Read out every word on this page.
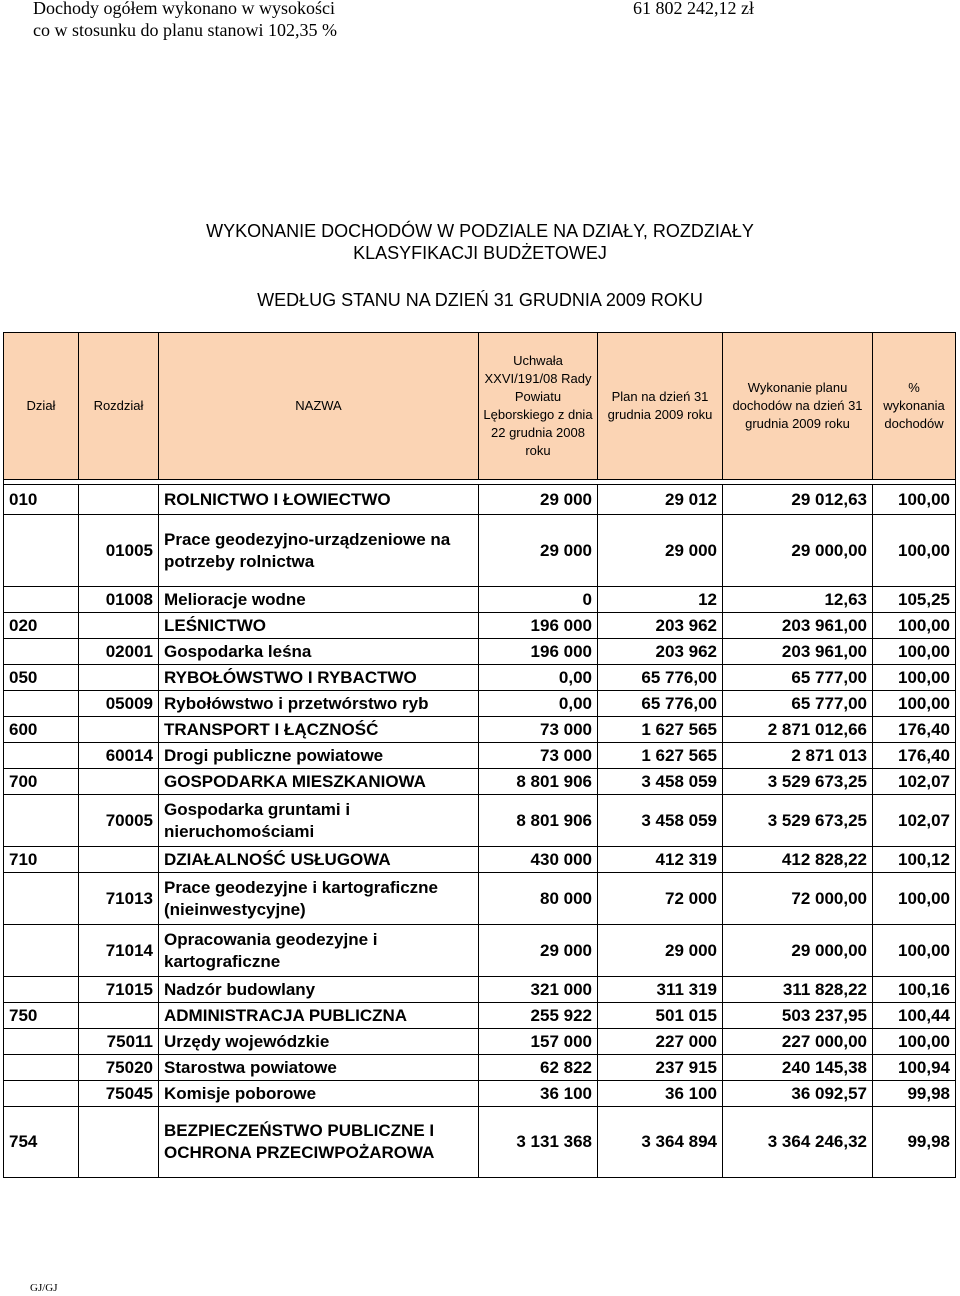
Dochody ogółem wykonano w wysokości
co w stosunku do planu stanowi 102,35 %
61 802 242,12 zł
WYKONANIE DOCHODÓW W PODZIALE NA DZIAŁY, ROZDZIAŁY
KLASYFIKACJI BUDŻETOWEJ
WEDŁUG STANU NA DZIEŃ 31 GRUDNIA 2009 ROKU
Dział	Rozdział	NAZWA	Uchwała XXVI/191/08 Rady Powiatu Lęborskiego z dnia 22 grudnia 2008 roku	Plan na dzień 31 grudnia 2009 roku	Wykonanie planu dochodów na dzień 31 grudnia 2009 roku	% wykonania dochodów

010		ROLNICTWO I ŁOWIECTWO	29 000	29 012	29 012,63	100,00
	01005	Prace geodezyjno-urządzeniowe na potrzeby rolnictwa	29 000	29 000	29 000,00	100,00
	01008	Melioracje wodne	0	12	12,63	105,25
020		LEŚNICTWO	196 000	203 962	203 961,00	100,00
	02001	Gospodarka leśna	196 000	203 962	203 961,00	100,00
050		RYBOŁÓWSTWO I RYBACTWO	0,00	65 776,00	65 777,00	100,00
	05009	Rybołówstwo i przetwórstwo ryb	0,00	65 776,00	65 777,00	100,00
600		TRANSPORT I ŁĄCZNOŚĆ	73 000	1 627 565	2 871 012,66	176,40
	60014	Drogi publiczne powiatowe	73 000	1 627 565	2 871 013	176,40
700		GOSPODARKA MIESZKANIOWA	8 801 906	3 458 059	3 529 673,25	102,07
	70005	Gospodarka gruntami i nieruchomościami	8 801 906	3 458 059	3 529 673,25	102,07
710		DZIAŁALNOŚĆ USŁUGOWA	430 000	412 319	412 828,22	100,12
	71013	Prace geodezyjne i kartograficzne (nieinwestycyjne)	80 000	72 000	72 000,00	100,00
	71014	Opracowania geodezyjne i kartograficzne	29 000	29 000	29 000,00	100,00
	71015	Nadzór budowlany	321 000	311 319	311 828,22	100,16
750		ADMINISTRACJA PUBLICZNA	255 922	501 015	503 237,95	100,44
	75011	Urzędy wojewódzkie	157 000	227 000	227 000,00	100,00
	75020	Starostwa powiatowe	62 822	237 915	240 145,38	100,94
	75045	Komisje poborowe	36 100	36 100	36 092,57	99,98
754		BEZPIECZEŃSTWO PUBLICZNE I OCHRONA PRZECIWPOŻAROWA	3 131 368	3 364 894	3 364 246,32	99,98
GJ/GJ
